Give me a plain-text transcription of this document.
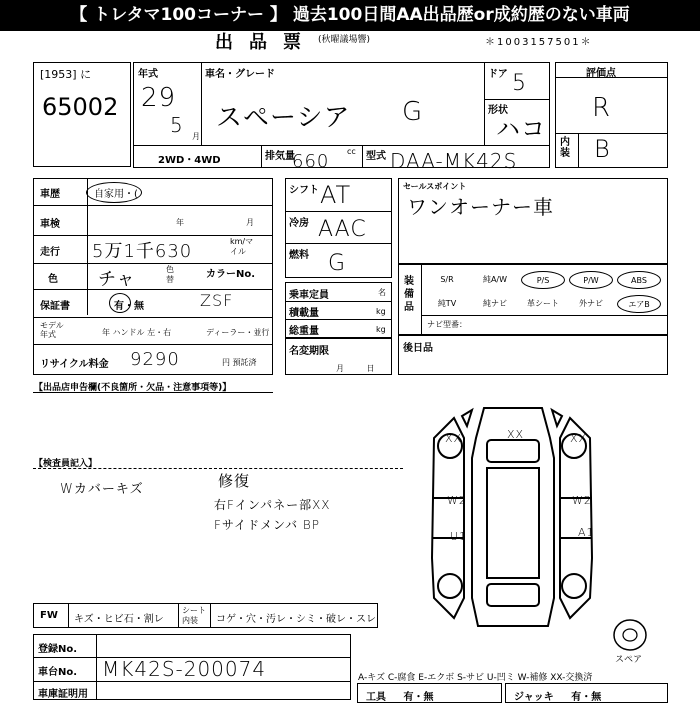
【 トレタマ100コーナー 】 過去100日間AA出品歴or成約歴のない車両
出品票 (秋曜議場響)	＊1003157501＊
[1953] に
65002
年式
29
5 月
車名・グレード
スペーシア G
ドア 5
形状
ハコ
2WD・4WD	排気量
660 cc 型式 DAA-MK42S
評価点
R
内装 B
車歴	自家用・(
車検	年	月
走行 5万1千630	km/マイル
色 チャ	色替	カラーNo.
保証書	有・無	ZSF
モデル年式	年 ハンドル 左・右	ディーラー・並行
リサイクル料金 9290	円 預託済
シフト AT
冷房 AAC
燃料 G
セールスポイント
ワンオーナー車
乗車定員	名
積載量	kg
総重量	kg
名変期限
月 日
装備品
S/R	純A/W	P/S	P/W	ABS
純TV	純ナビ	革シート	外ナビ	エアB
ナビ型番：
後日品
【出品店申告欄(不良箇所・欠品・注意事項等)】
【検査員記入】
Wカバーキズ	修復
右Fインパネー部XX
Fサイドメンバ BP
XX	XX	XX
W2	W2
U1	A1
スペア
FW キズ・ヒビ石・割レ
シート内装	コゲ・穴・汚レ・シミ・破レ・スレ
登録No.
車台No. MK42S-200074
車庫証明用
A-キズ C-腐食 E-エクボ S-サビ U-凹ミ W-補修 XX-交換済
工具 有・無	ジャッキ 有・無
